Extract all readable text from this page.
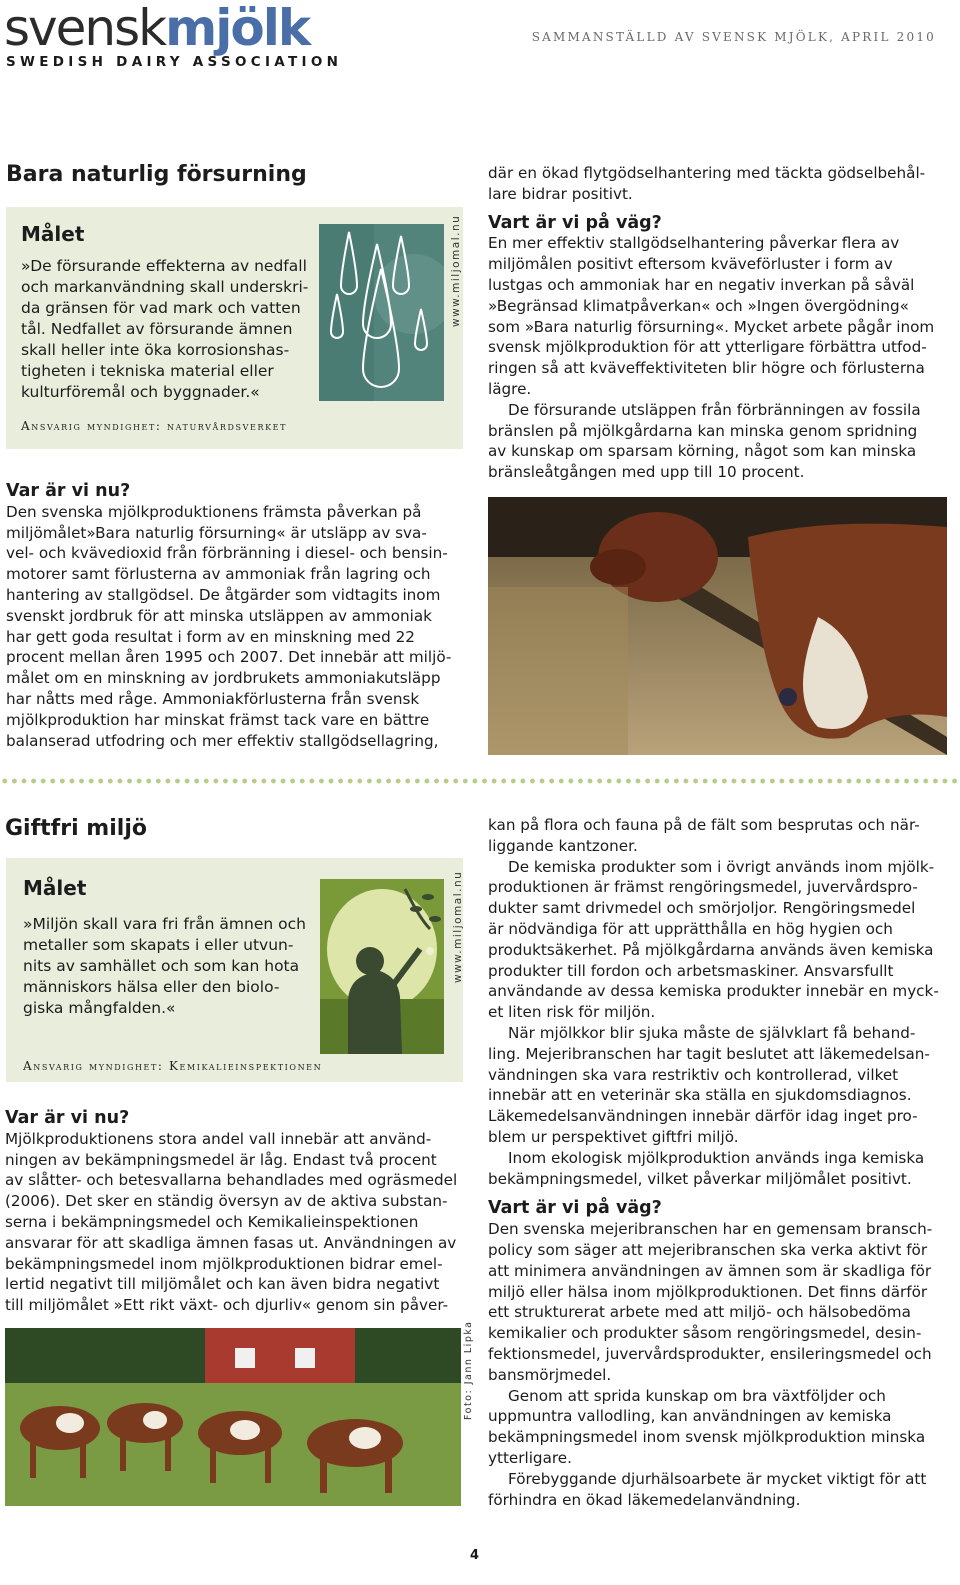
svenskmjölk
SWEDISH DAIRY ASSOCIATION
SAMMANSTÄLLD AV SVENSK MJÖLK, APRIL 2010
Bara naturlig försurning
Målet
»De försurande effekterna av nedfall
och markanvändning skall underskri-
da gränsen för vad mark och vatten
tål. Nedfallet av försurande ämnen
skall heller inte öka korrosionshas-
tigheten i tekniska material eller
kulturföremål och byggnader.«
www.miljomal.nu
Ansvarig myndighet: naturvårdsverket
Var är vi nu?
Den svenska mjölkproduktionens främsta påverkan på
miljömålet»Bara naturlig försurning« är utsläpp av sva-
vel- och kvävedioxid från förbränning i diesel- och bensin-
motorer samt förlusterna av ammoniak från lagring och
hantering av stallgödsel. De åtgärder som vidtagits inom
svenskt jordbruk för att minska utsläppen av ammoniak
har gett goda resultat i form av en minskning med 22
procent mellan åren 1995 och 2007. Det innebär att miljö-
målet om en minskning av jordbrukets ammoniakutsläpp
har nåtts med råge. Ammoniakförlusterna från svensk
mjölkproduktion har minskat främst tack vare en bättre
balanserad utfodring och mer effektiv stallgödsellagring,
där en ökad flytgödselhantering med täckta gödselbehål-
lare bidrar positivt.
Vart är vi på väg?
En mer effektiv stallgödselhantering påverkar flera av
miljömålen positivt eftersom kväveförluster i form av
lustgas och ammoniak har en negativ inverkan på såväl
»Begränsad klimatpåverkan« och »Ingen övergödning«
som »Bara naturlig försurning«. Mycket arbete pågår inom
svensk mjölkproduktion för att ytterligare förbättra utfod-
ringen så att kväveffektiviteten blir högre och förlusterna
lägre.
De försurande utsläppen från förbränningen av fossila
bränslen på mjölkgårdarna kan minska genom spridning
av kunskap om sparsam körning, något som kan minska
bränsleåtgången med upp till 10 procent.
Giftfri miljö
Målet
»Miljön skall vara fri från ämnen och
metaller som skapats i eller utvun-
nits av samhället och som kan hota
människors hälsa eller den biolo-
giska mångfalden.«
www.miljomal.nu
Ansvarig myndighet: Kemikalieinspektionen
Var är vi nu?
Mjölkproduktionens stora andel vall innebär att använd-
ningen av bekämpningsmedel är låg. Endast två procent
av slåtter- och betesvallarna behandlades med ogräsmedel
(2006). Det sker en ständig översyn av de aktiva substan-
serna i bekämpningsmedel och Kemikalieinspektionen
ansvarar för att skadliga ämnen fasas ut. Användningen av
bekämpningsmedel inom mjölkproduktionen bidrar emel-
lertid negativt till miljömålet och kan även bidra negativt
till miljömålet »Ett rikt växt- och djurliv« genom sin påver-
Foto: Jann Lipka
kan på flora och fauna på de fält som besprutas och när-
liggande kantzoner.
De kemiska produkter som i övrigt används inom mjölk-
produktionen är främst rengöringsmedel, juvervårdspro-
dukter samt drivmedel och smörjoljor. Rengöringsmedel
är nödvändiga för att upprätthålla en hög hygien och
produktsäkerhet. På mjölkgårdarna används även kemiska
produkter till fordon och arbetsmaskiner. Ansvarsfullt
användande av dessa kemiska produkter innebär en myck-
et liten risk för miljön.
När mjölkkor blir sjuka måste de självklart få behand-
ling. Mejeribranschen har tagit beslutet att läkemedelsan-
vändningen ska vara restriktiv och kontrollerad, vilket
innebär att en veterinär ska ställa en sjukdomsdiagnos.
Läkemedelsanvändningen innebär därför idag inget pro-
blem ur perspektivet giftfri miljö.
Inom ekologisk mjölkproduktion används inga kemiska
bekämpningsmedel, vilket påverkar miljömålet positivt.
Vart är vi på väg?
Den svenska mejeribranschen har en gemensam bransch-
policy som säger att mejeribranschen ska verka aktivt för
att minimera användningen av ämnen som är skadliga för
miljö eller hälsa inom mjölkproduktionen. Det finns därför
ett strukturerat arbete med att miljö- och hälsobedöma
kemikalier och produkter såsom rengöringsmedel, desin-
fektionsmedel, juvervårdsprodukter, ensileringsmedel och
bansmörjmedel.
Genom att sprida kunskap om bra växtföljder och
uppmuntra vallodling, kan användningen av kemiska
bekämpningsmedel inom svensk mjölkproduktion minska
ytterligare.
Förebyggande djurhälsoarbete är mycket viktigt för att
förhindra en ökad läkemedelanvändning.
4
